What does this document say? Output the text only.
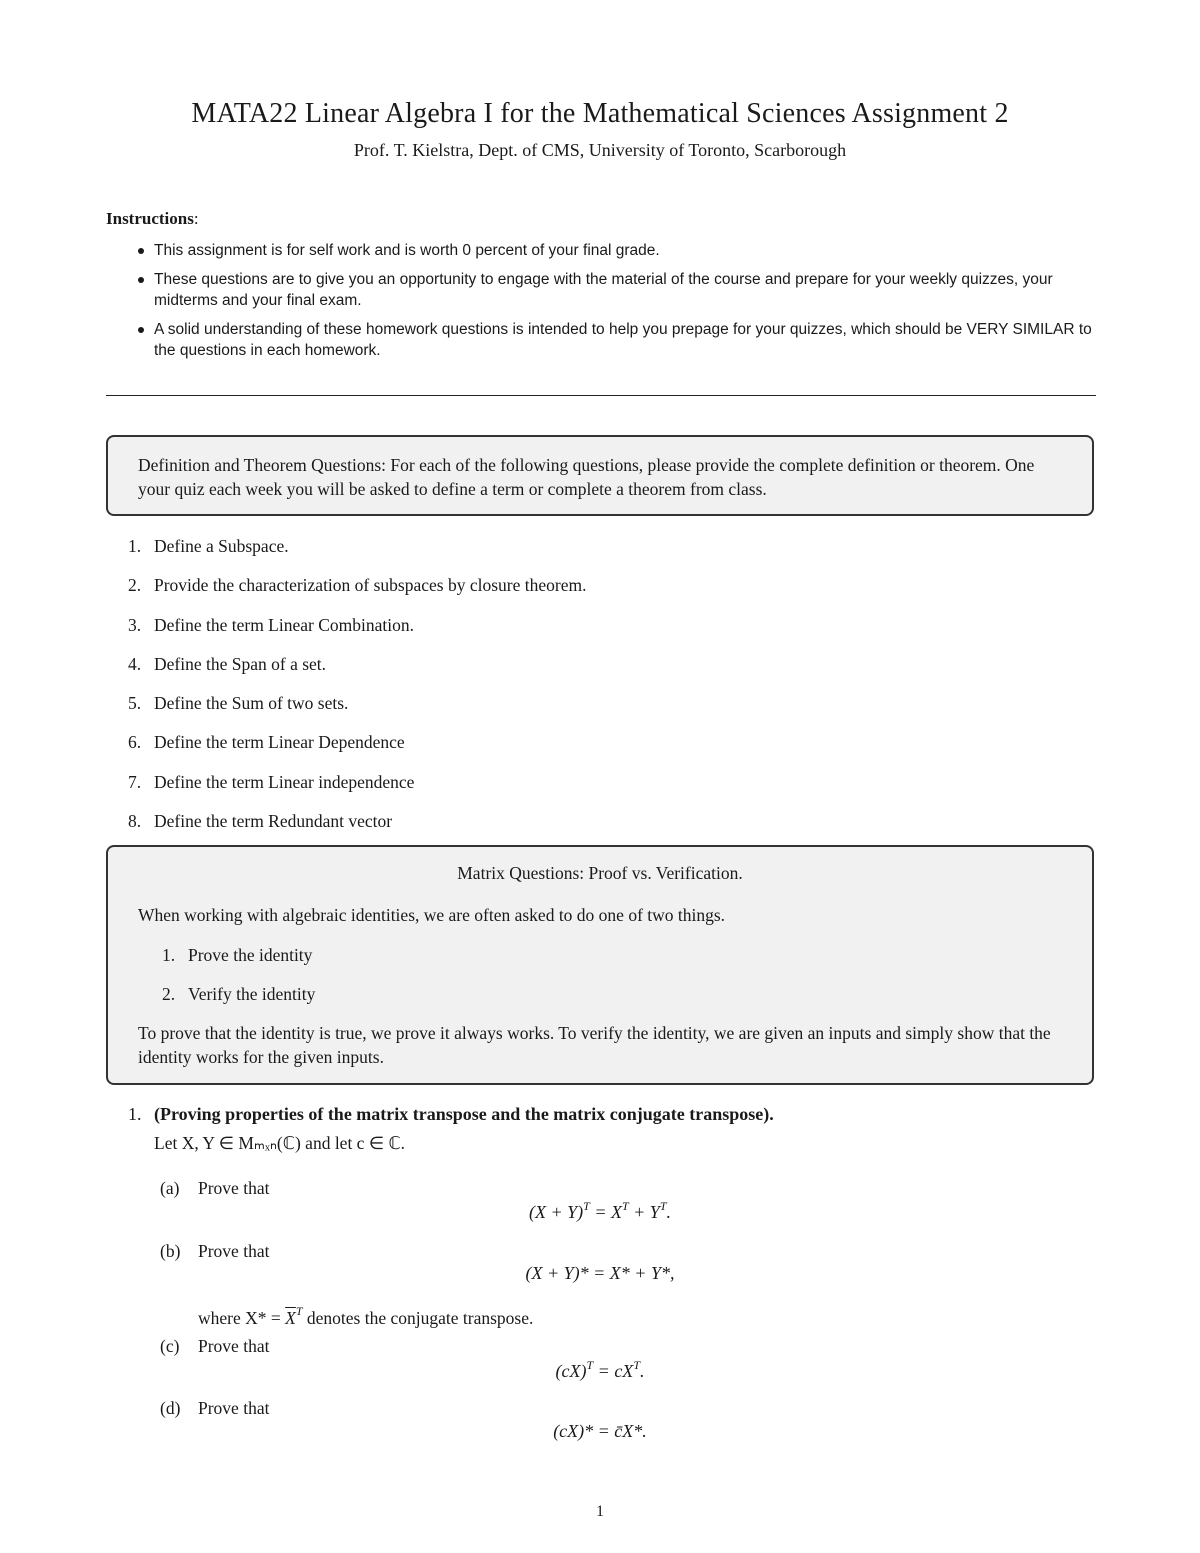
MATA22 Linear Algebra I for the Mathematical Sciences Assignment 2
Prof. T. Kielstra, Dept. of CMS, University of Toronto, Scarborough
Instructions:
This assignment is for self work and is worth 0 percent of your final grade.
These questions are to give you an opportunity to engage with the material of the course and prepare for your weekly quizzes, your midterms and your final exam.
A solid understanding of these homework questions is intended to help you prepage for your quizzes, which should be VERY SIMILAR to the questions in each homework.
Definition and Theorem Questions: For each of the following questions, please provide the complete definition or theorem. One your quiz each week you will be asked to define a term or complete a theorem from class.
1. Define a Subspace.
2. Provide the characterization of subspaces by closure theorem.
3. Define the term Linear Combination.
4. Define the Span of a set.
5. Define the Sum of two sets.
6. Define the term Linear Dependence
7. Define the term Linear independence
8. Define the term Redundant vector
Matrix Questions: Proof vs. Verification.
When working with algebraic identities, we are often asked to do one of two things.
1. Prove the identity
2. Verify the identity
To prove that the identity is true, we prove it always works. To verify the identity, we are given an inputs and simply show that the identity works for the given inputs.
1. (Proving properties of the matrix transpose and the matrix conjugate transpose).
Let X, Y ∈ Mₘₓₙ(ℂ) and let c ∈ ℂ.
(a) Prove that
$(X + Y)^T = X^T + Y^T$.
(b) Prove that
(X + Y)* = X* + Y*,
where $X* = \overline{X}^T$ denotes the conjugate transpose.
(c) Prove that
$(cX)^T = cX^T$.
(d) Prove that
(cX)* = c̄X*.
1
